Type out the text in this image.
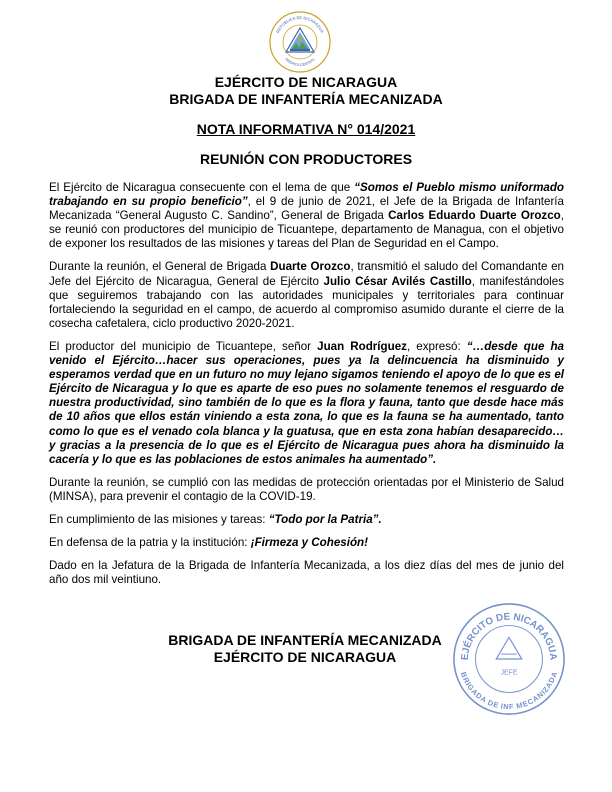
REPÚBLICA DE NICARAGUA
AMÉRICA CENTRAL
EJÉRCITO DE NICARAGUA
BRIGADA DE INFANTERÍA MECANIZADA
NOTA INFORMATIVA N° 014/2021
REUNIÓN CON PRODUCTORES

El Ejército de Nicaragua consecuente con el lema de que “Somos el Pueblo mismo uniformado trabajando en su propio beneficio”, el 9 de junio de 2021, el Jefe de la Brigada de Infantería Mecanizada “General Augusto C. Sandino”, General de Brigada Carlos Eduardo Duarte Orozco, se reunió con productores del municipio de Ticuantepe, departamento de Managua, con el objetivo de exponer los resultados de las misiones y tareas del Plan de Seguridad en el Campo.

Durante la reunión, el General de Brigada Duarte Orozco, transmitió el saludo del Comandante en Jefe del Ejército de Nicaragua, General de Ejército Julio César Avilés Castillo, manifestándoles que seguiremos trabajando con las autoridades municipales y territoriales para continuar fortaleciendo la seguridad en el campo, de acuerdo al compromiso asumido durante el cierre de la cosecha cafetalera, ciclo productivo 2020-2021.

El productor del municipio de Ticuantepe, señor Juan Rodríguez, expresó: “…desde que ha venido el Ejército…hacer sus operaciones, pues ya la delincuencia ha disminuido y esperamos verdad que en un futuro no muy lejano sigamos teniendo el apoyo de lo que es el Ejército de Nicaragua y lo que es aparte de eso pues no solamente tenemos el resguardo de nuestra productividad, sino también de lo que es la flora y fauna, tanto que desde hace más de 10 años que ellos están viniendo a esta zona, lo que es la fauna se ha aumentado, tanto como lo que es el venado cola blanca y la guatusa, que en esta zona habían desaparecido… y gracias a la presencia de lo que es el Ejército de Nicaragua pues ahora ha disminuido la cacería y lo que es las poblaciones de estos animales ha aumentado”.

Durante la reunión, se cumplió con las medidas de protección orientadas por el Ministerio de Salud (MINSA), para prevenir el contagio de la COVID-19.

En cumplimiento de las misiones y tareas: “Todo por la Patria”.

En defensa de la patria y la institución: ¡Firmeza y Cohesión!

Dado en la Jefatura de la Brigada de Infantería Mecanizada, a los diez días del mes de junio del año dos mil veintiuno.

BRIGADA DE INFANTERÍA MECANIZADA
EJÉRCITO DE NICARAGUA	EJÉRCITO DE NICARAGUA
BRIGADA DE INF MECANIZADA
JEFE
